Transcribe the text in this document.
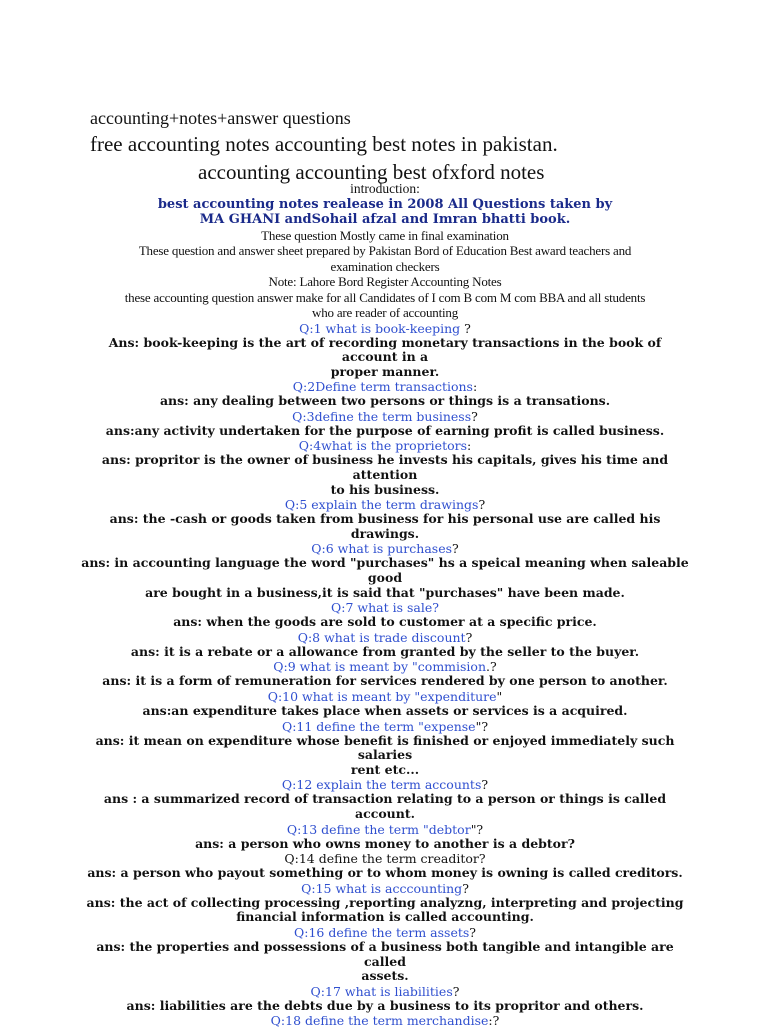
accounting+notes+answer questions
free accounting notes accounting best notes in pakistan.
accounting accounting best ofxford notes
introduction:
best accounting notes realease in 2008 All Questions taken by
MA GHANI andSohail afzal and Imran bhatti book.
These question Mostly came in final examination
These question and answer sheet prepared by Pakistan Bord of Education Best award teachers and
examination checkers
Note: Lahore Bord Register Accounting Notes
these accounting question answer make for all Candidates of I com B com M com BBA and all students
who are reader of accounting
Q:1 what is book-keeping ?
Ans: book-keeping is the art of recording monetary transactions in the book of account in a
proper manner.
Q:2Define term transactions:
ans: any dealing between two persons or things is a transations.
Q:3define the term business?
ans:any activity undertaken for the purpose of earning profit is called business.
Q:4what is the proprietors:
ans: propritor is the owner of business he invests his capitals, gives his time and attention
to his business.
Q:5 explain the term drawings?
ans: the -cash or goods taken from business for his personal use are called his drawings.
Q:6 what is purchases?
ans: in accounting language the word "purchases" hs a speical meaning when saleable good
are bought in a business,it is said that "purchases" have been made.
Q:7 what is sale?
ans: when the goods are sold to customer at a specific price.
Q:8 what is trade discount?
ans: it is a rebate or a allowance from granted by the seller to the buyer.
Q:9 what is meant by "commision.?
ans: it is a form of remuneration for services rendered by one person to another.
Q:10 what is meant by "expenditure"
ans:an expenditure takes place when assets or services is a acquired.
Q:11 define the term "expense"?
ans: it mean on expenditure whose benefit is finished or enjoyed immediately such salaries
rent etc...
Q:12 explain the term accounts?
ans : a summarized record of transaction relating to a person or things is called account.
Q:13 define the term "debtor"?
ans: a person who owns money to another is a debtor?
Q:14 define the term creaditor?
ans: a person who payout something or to whom money is owning is called creditors.
Q:15 what is acccounting?
ans: the act of collecting processing ,reporting analyzng, interpreting and projecting
financial information is called accounting.
Q:16 define the term assets?
ans: the properties and possessions of a business both tangible and intangible are called
assets.
Q:17 what is liabilities?
ans: liabilities are the debts due by a business to its propritor and others.
Q:18 define the term merchandise:?
